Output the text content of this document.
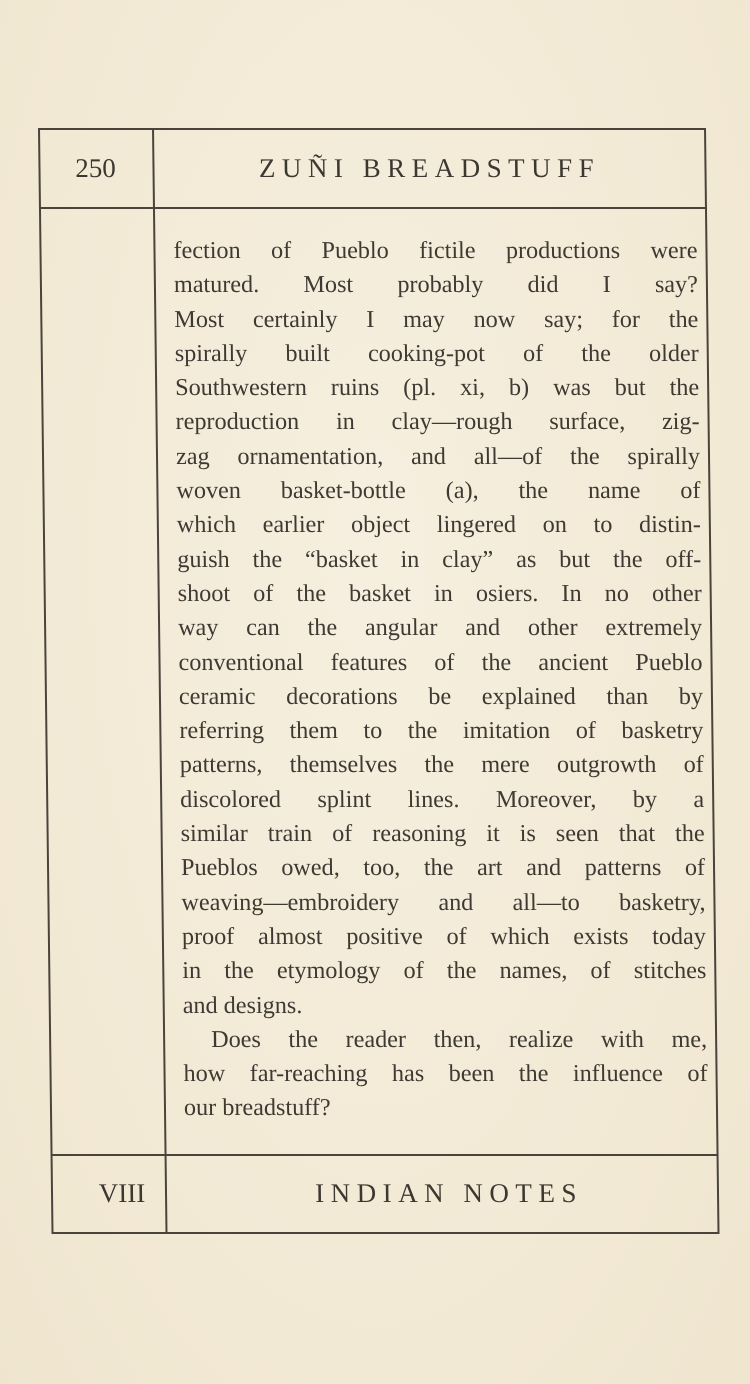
250	ZUÑI BREADSTUFF
fection of Pueblo fictile productions were
matured. Most probably did I say?
Most certainly I may now say; for the
spirally built cooking-pot of the older
Southwestern ruins (pl. xi, b) was but the
reproduction in clay—rough surface, zig-
zag ornamentation, and all—of the spirally
woven basket-bottle (a), the name of
which earlier object lingered on to distin-
guish the “basket in clay” as but the off-
shoot of the basket in osiers. In no other
way can the angular and other extremely
conventional features of the ancient Pueblo
ceramic decorations be explained than by
referring them to the imitation of basketry
patterns, themselves the mere outgrowth of
discolored splint lines. Moreover, by a
similar train of reasoning it is seen that the
Pueblos owed, too, the art and patterns of
weaving—embroidery and all—to basketry,
proof almost positive of which exists today
in the etymology of the names, of stitches
and designs.
Does the reader then, realize with me,
how far-reaching has been the influence of
our breadstuff?
VIII	INDIAN NOTES
